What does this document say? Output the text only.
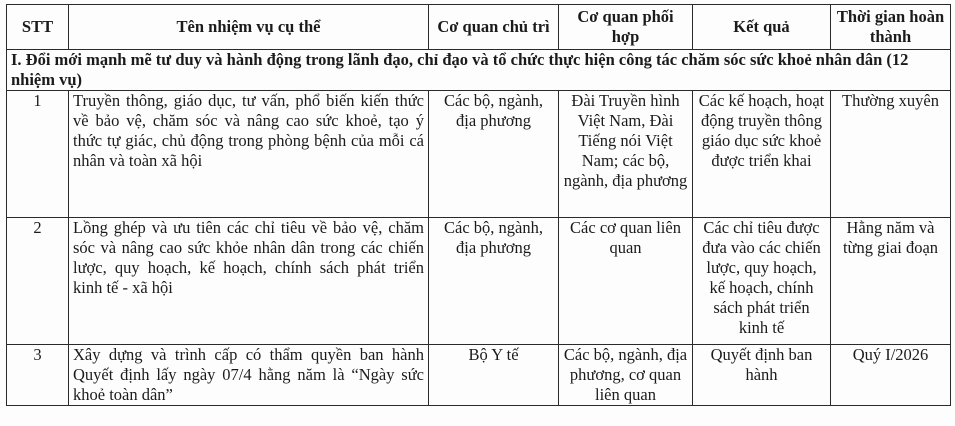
STT	Tên nhiệm vụ cụ thể	Cơ quan chủ trì	Cơ quan phối hợp	Kết quả	Thời gian hoàn thành
I. Đổi mới mạnh mẽ tư duy và hành động trong lãnh đạo, chỉ đạo và tổ chức thực hiện công tác chăm sóc sức khoẻ nhân dân (12 nhiệm vụ)					
1	Truyền thông, giáo dục, tư vấn, phổ biến kiến thức về bảo vệ, chăm sóc và nâng cao sức khoẻ, tạo ý thức tự giác, chủ động trong phòng bệnh của mỗi cá nhân và toàn xã hội	Các bộ, ngành, địa phương	Đài Truyền hình Việt Nam, Đài Tiếng nói Việt Nam; các bộ, ngành, địa phương	Các kế hoạch, hoạt động truyền thông giáo dục sức khoẻ được triển khai	Thường xuyên
2	Lồng ghép và ưu tiên các chỉ tiêu về bảo vệ, chăm sóc và nâng cao sức khỏe nhân dân trong các chiến lược, quy hoạch, kế hoạch, chính sách phát triển kinh tế - xã hội	Các bộ, ngành, địa phương	Các cơ quan liên quan	Các chỉ tiêu được đưa vào các chiến lược, quy hoạch, kế hoạch, chính sách phát triển kinh tế	Hằng năm và từng giai đoạn
3	Xây dựng và trình cấp có thẩm quyền ban hành Quyết định lấy ngày 07/4 hằng năm là “Ngày sức khoẻ toàn dân”	Bộ Y tế	Các bộ, ngành, địa phương, cơ quan liên quan	Quyết định ban hành	Quý I/2026
